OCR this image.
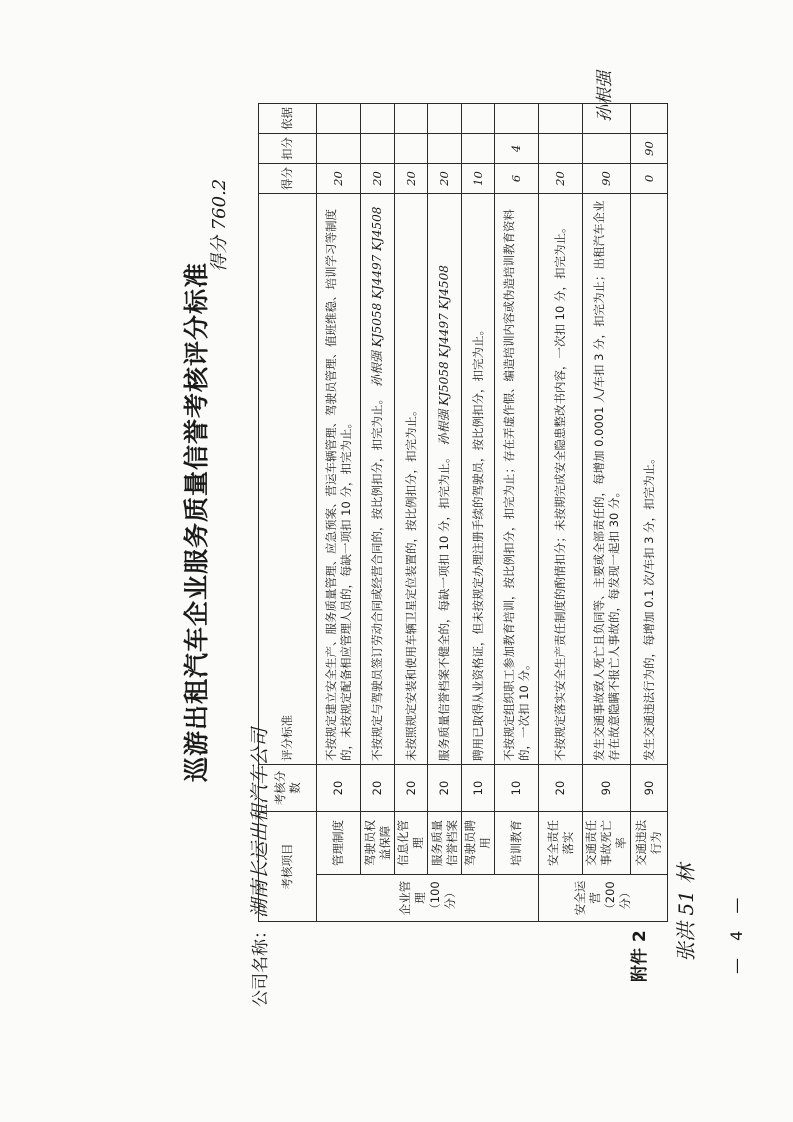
附件 2
巡游出租汽车企业服务质量信誉考核评分标准
公司名称：湖南长运出租汽车公司
得分 760.2
考核项目		考核分数	评分标准	得分	扣分	依据
企业管理（100分）	管理制度	20	不按规定建立安全生产、服务质量管理、应急预案、营运车辆管理、驾驶员管理、值班维稳、培训学习等制度的，未按规定配备相应管理人员的，每缺一项扣 10 分，扣完为止。	20		
	驾驶员权益保障	20	不按规定与驾驶员签订劳动合同或经营合同的，按比例扣分，扣完为止。孙根强 KJ5058 KJ4497 KJ4508	20		
	信息化管理	20	未按照规定安装和使用车辆卫星定位装置的，按比例扣分，扣完为止。	20		
	服务质量信誉档案	20	服务质量信誉档案不健全的，每缺一项扣 10 分，扣完为止。孙根强 KJ5058 KJ4497 KJ4508	20		
	驾驶员聘用	10	聘用已取得从业资格证，但未按规定办理注册手续的驾驶员，按比例扣分，扣完为止。	10		
	培训教育	10	不按规定组织职工参加教育培训，按比例扣分，扣完为止；存在弄虚作假、编造培训内容或伪造培训教育资料的，一次扣 10 分。	6	4	
安全运营（200分）	安全责任落实	20	不按规定落实安全生产责任制度的酌情扣分；未按期完成安全隐患整改书内容，一次扣 10 分，扣完为止。	20		
	交通责任事故死亡率	90	发生交通事故致人死亡且负同等、主要或全部责任的，每增加 0.0001 人/车扣 3 分，扣完为止；出租汽车企业存在故意隐瞒不报亡人事故的，每发现一起扣 30 分。	90		
	交通违法行为	90	发生交通违法行为的，每增加 0.1 次/车扣 3 分，扣完为止。	0	90	
张洪 51 林
孙根强
— 4 —
